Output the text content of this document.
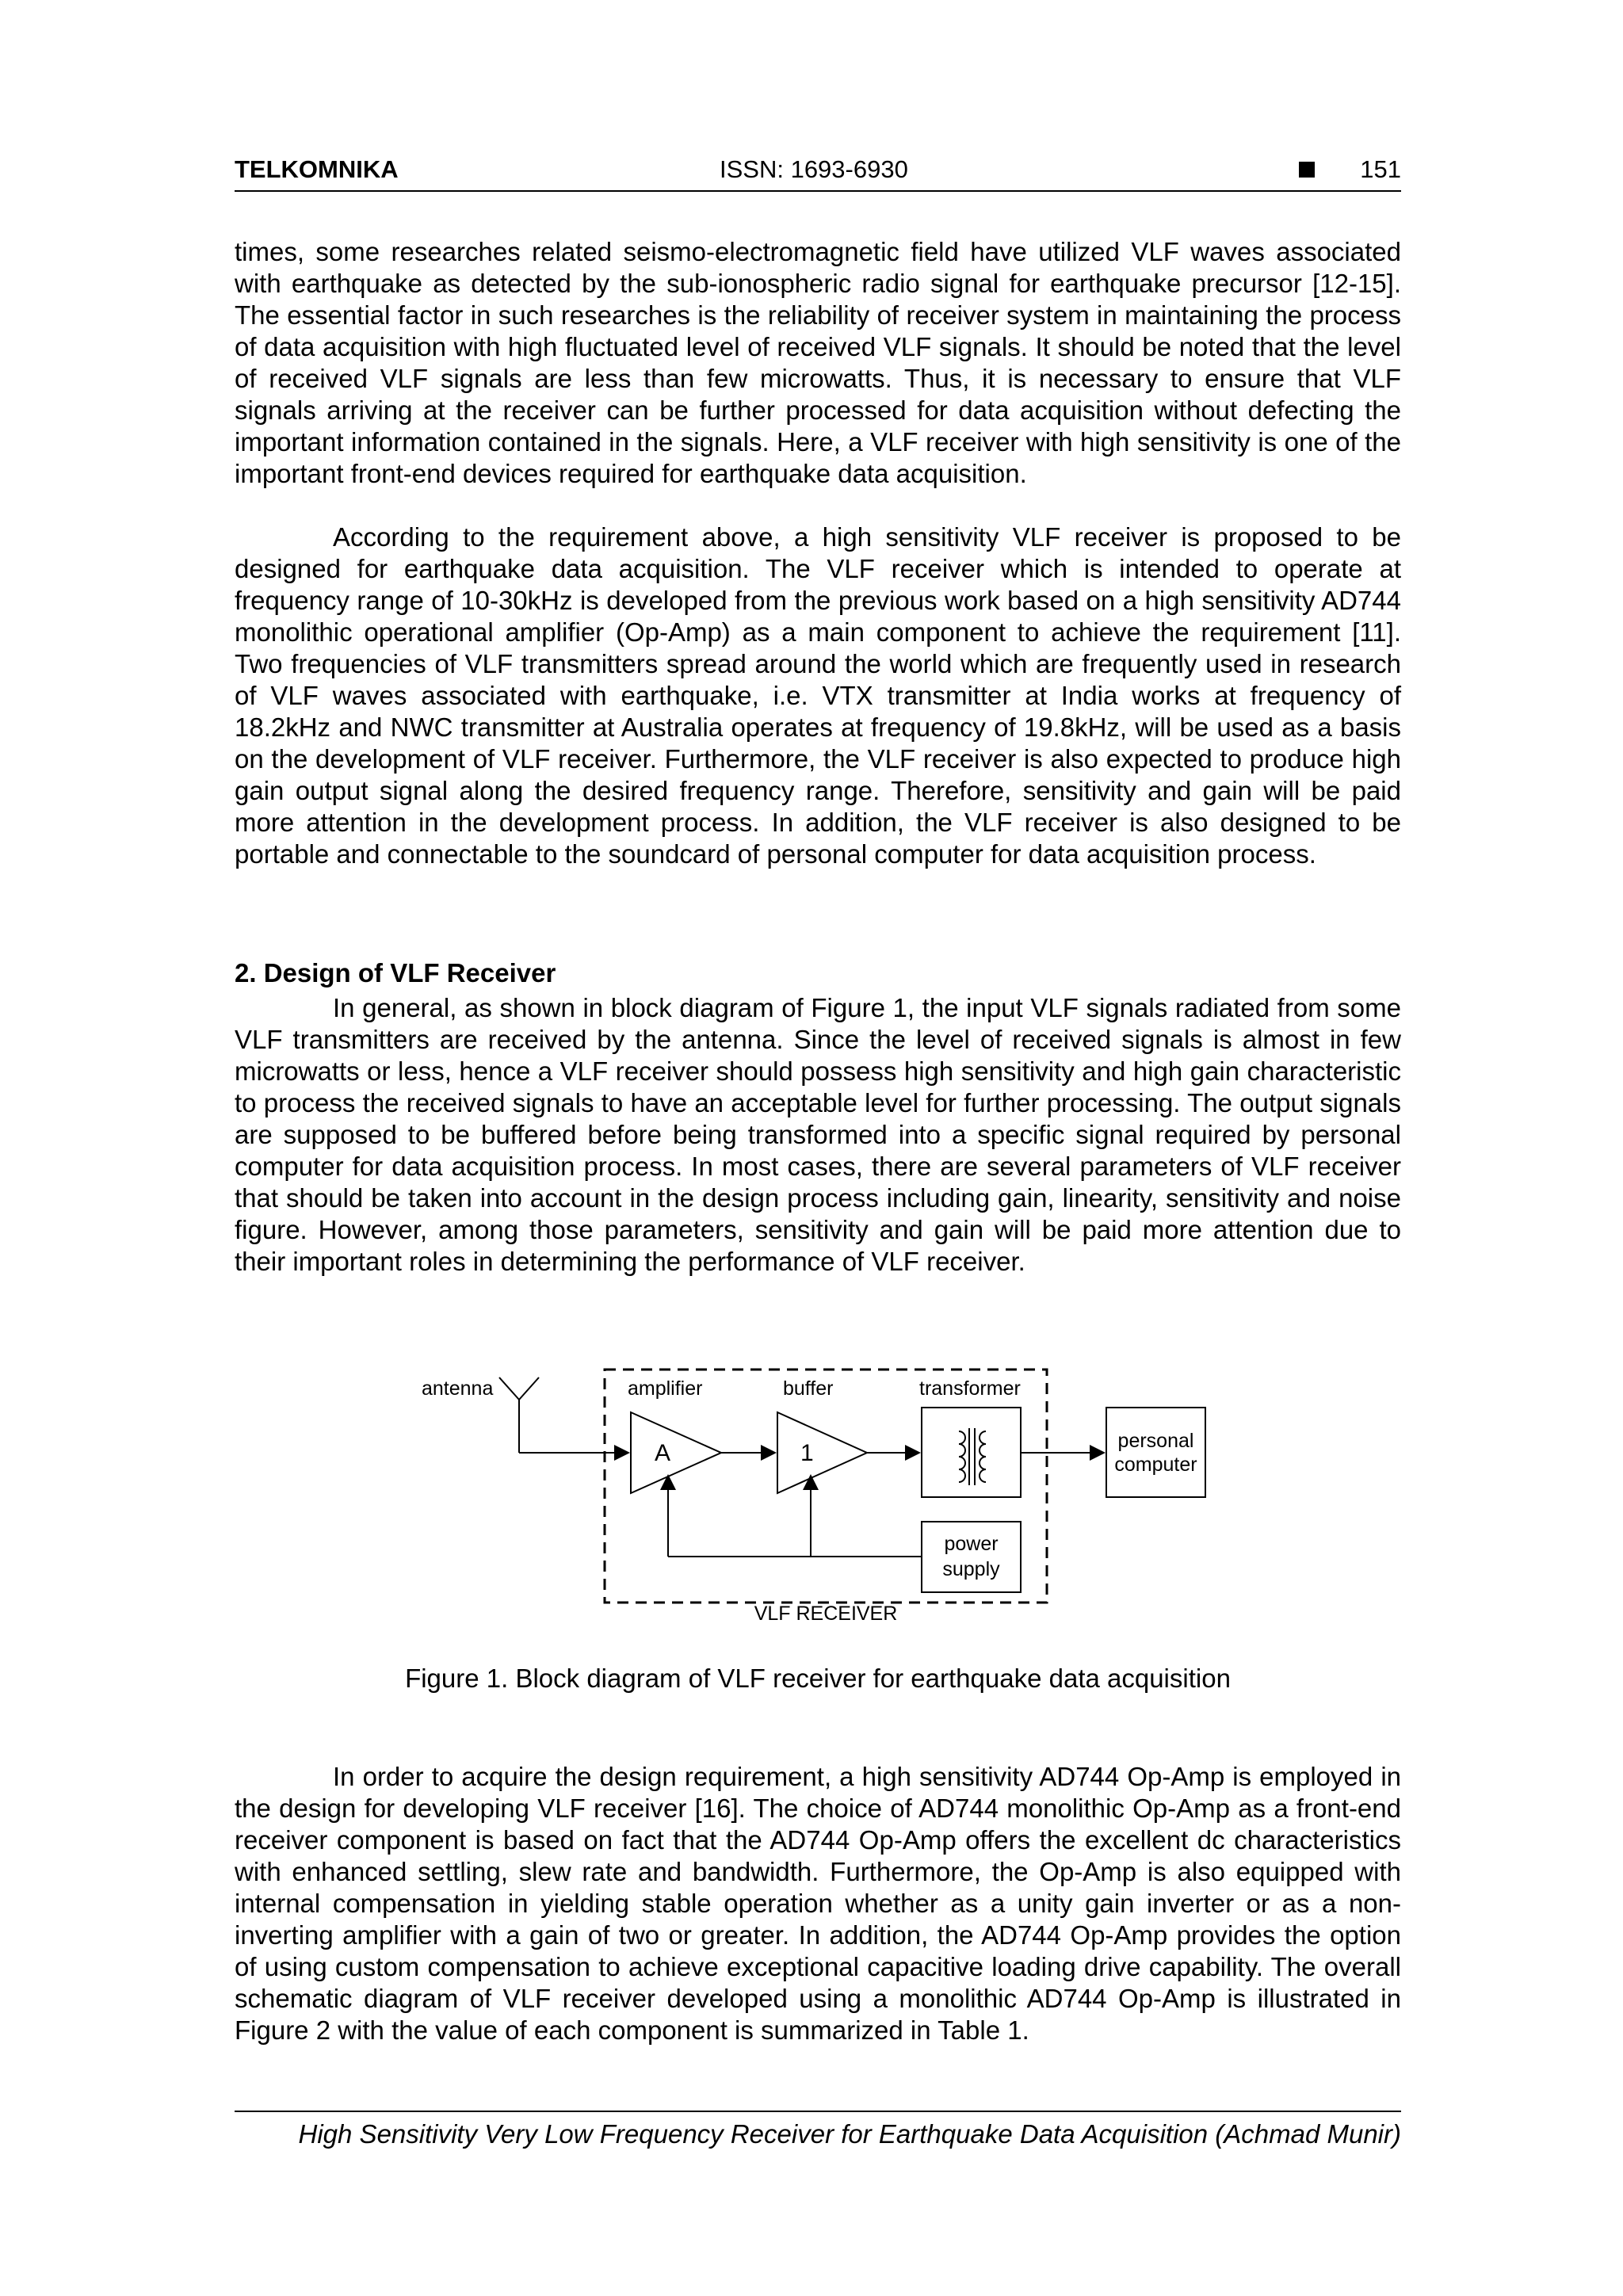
TELKOMNIKA	ISSN: 1693-6930	151

times, some researches related seismo-electromagnetic field have utilized VLF waves associated with earthquake as detected by the sub-ionospheric radio signal for earthquake precursor [12-15]. The essential factor in such researches is the reliability of receiver system in maintaining the process of data acquisition with high fluctuated level of received VLF signals. It should be noted that the level of received VLF signals are less than few microwatts. Thus, it is necessary to ensure that VLF signals arriving at the receiver can be further processed for data acquisition without defecting the important information contained in the signals. Here, a VLF receiver with high sensitivity is one of the important front-end devices required for earthquake data acquisition.

According to the requirement above, a high sensitivity VLF receiver is proposed to be designed for earthquake data acquisition. The VLF receiver which is intended to operate at frequency range of 10-30kHz is developed from the previous work based on a high sensitivity AD744 monolithic operational amplifier (Op-Amp) as a main component to achieve the requirement [11]. Two frequencies of VLF transmitters spread around the world which are frequently used in research of VLF waves associated with earthquake, i.e. VTX transmitter at India works at frequency of 18.2kHz and NWC transmitter at Australia operates at frequency of 19.8kHz, will be used as a basis on the development of VLF receiver. Furthermore, the VLF receiver is also expected to produce high gain output signal along the desired frequency range. Therefore, sensitivity and gain will be paid more attention in the development process. In addition, the VLF receiver is also designed to be portable and connectable to the soundcard of personal computer for data acquisition process.

2. Design of VLF Receiver

In general, as shown in block diagram of Figure 1, the input VLF signals radiated from some VLF transmitters are received by the antenna. Since the level of received signals is almost in few microwatts or less, hence a VLF receiver should possess high sensitivity and high gain characteristic to process the received signals to have an acceptable level for further processing. The output signals are supposed to be buffered before being transformed into a specific signal required by personal computer for data acquisition process. In most cases, there are several parameters of VLF receiver that should be taken into account in the design process including gain, linearity, sensitivity and noise figure. However, among those parameters, sensitivity and gain will be paid more attention due to their important roles in determining the performance of VLF receiver.

antenna	amplifier	buffer	transformer
A	1	personal
computer
power
supply
VLF RECEIVER

Figure 1. Block diagram of VLF receiver for earthquake data acquisition

In order to acquire the design requirement, a high sensitivity AD744 Op-Amp is employed in the design for developing VLF receiver [16]. The choice of AD744 monolithic Op-Amp as a front-end receiver component is based on fact that the AD744 Op-Amp offers the excellent dc characteristics with enhanced settling, slew rate and bandwidth. Furthermore, the Op-Amp is also equipped with internal compensation in yielding stable operation whether as a unity gain inverter or as a non-inverting amplifier with a gain of two or greater. In addition, the AD744 Op-Amp provides the option of using custom compensation to achieve exceptional capacitive loading drive capability. The overall schematic diagram of VLF receiver developed using a monolithic AD744 Op-Amp is illustrated in Figure 2 with the value of each component is summarized in Table 1.

High Sensitivity Very Low Frequency Receiver for Earthquake Data Acquisition (Achmad Munir)
